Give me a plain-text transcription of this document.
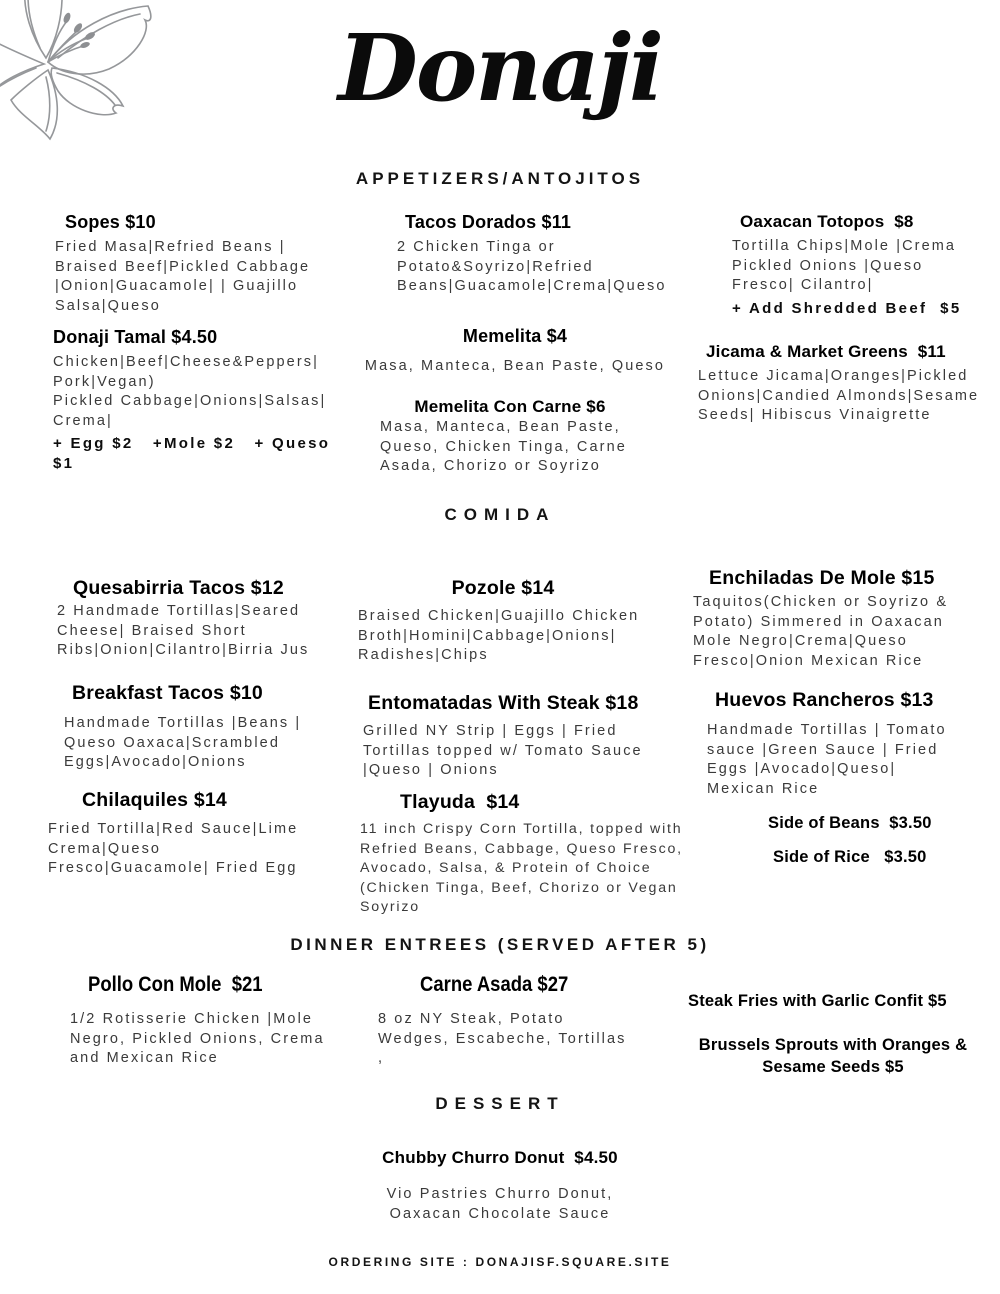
Donaji
APPETIZERS/ANTOJITOS
Sopes $10
Fried Masa|Refried Beans | Braised Beef|Pickled Cabbage |Onion|Guacamole| | Guajillo Salsa|Queso
Donaji Tamal $4.50
Chicken|Beef|Cheese&Peppers| Pork|Vegan)
Pickled Cabbage|Onions|Salsas| Crema|
+ Egg $2   +Mole $2   + Queso $1
Tacos Dorados $11
2 Chicken Tinga or Potato&Soyrizo|Refried Beans|Guacamole|Crema|Queso
Memelita $4
Masa, Manteca, Bean Paste, Queso
Memelita Con Carne $6
Masa, Manteca, Bean Paste, Queso, Chicken Tinga, Carne Asada, Chorizo or Soyrizo
Oaxacan Totopos  $8
Tortilla Chips|Mole |Crema Pickled Onions |Queso Fresco| Cilantro|
+ Add Shredded Beef  $5
Jicama & Market Greens  $11
Lettuce Jicama|Oranges|Pickled Onions|Candied Almonds|Sesame Seeds| Hibiscus Vinaigrette
COMIDA
Quesabirria Tacos $12
2 Handmade Tortillas|Seared Cheese| Braised Short Ribs|Onion|Cilantro|Birria Jus
Breakfast Tacos $10
Handmade Tortillas |Beans | Queso Oaxaca|Scrambled Eggs|Avocado|Onions
Chilaquiles $14
Fried Tortilla|Red Sauce|Lime Crema|Queso Fresco|Guacamole| Fried Egg
Pozole $14
Braised Chicken|Guajillo Chicken Broth|Homini|Cabbage|Onions| Radishes|Chips
Entomatadas With Steak $18
Grilled NY Strip | Eggs | Fried Tortillas topped w/ Tomato Sauce |Queso | Onions
Tlayuda  $14
11 inch Crispy Corn Tortilla, topped with Refried Beans, Cabbage, Queso Fresco, Avocado, Salsa, & Protein of Choice (Chicken Tinga, Beef, Chorizo or Vegan Soyrizo
Enchiladas De Mole $15
Taquitos(Chicken or Soyrizo & Potato) Simmered in Oaxacan Mole Negro|Crema|Queso Fresco|Onion Mexican Rice
Huevos Rancheros $13
Handmade Tortillas | Tomato sauce |Green Sauce | Fried Eggs |Avocado|Queso| Mexican Rice
Side of Beans  $3.50
Side of Rice   $3.50
DINNER ENTREES (SERVED AFTER 5)
Pollo Con Mole  $21
1/2 Rotisserie Chicken |Mole Negro, Pickled Onions, Crema and Mexican Rice
Carne Asada $27
8 oz NY Steak, Potato Wedges, Escabeche, Tortillas ,
Steak Fries with Garlic Confit $5
Brussels Sprouts with Oranges & Sesame Seeds $5
DESSERT
Chubby Churro Donut  $4.50
Vio Pastries Churro Donut, Oaxacan Chocolate Sauce
ORDERING SITE : DONAJISF.SQUARE.SITE
